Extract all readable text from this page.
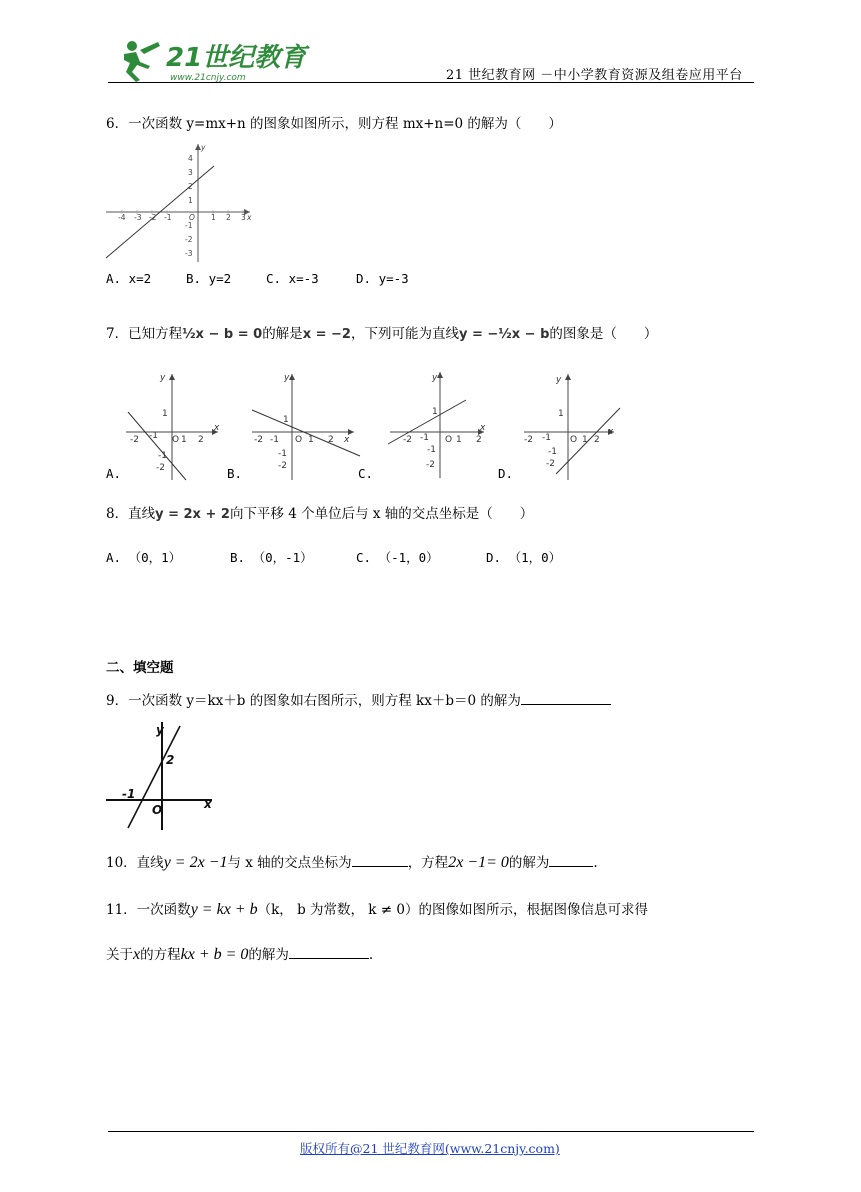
21世纪教育
www.21cnjy.com	21 世纪教育网 －中小学教育资源及组卷应用平台
6．一次函数 y=mx+n 的图象如图所示，则方程 mx+n=0 的解为（　　）
-4 -3 -2 -1	1 2 3
4
3
2
1
-1
-2
-3
y
x
O
A. x=2	B. y=2	C. x=-3	D. y=-3
7．已知方程½x − b = 0的解是x = −2，下列可能为直线y = −½x − b的图象是（　　）
y
x
1
-2 -1 O 1 2
-1
-2
y
x
1
-2 -1 O 1 2
-1
-2
y
x
1
-2 -1 O 1 2
-1
-2
y
x
1
-2 -1 O 1 2
-1
-2
A.	B.	C.	D.
8．直线y = 2x + 2向下平移 4 个单位后与 x 轴的交点坐标是（　　）
A. （0，1）	B. （0，-1）	C. （-1，0）	D. （1，0）
二、填空题
9．一次函数 y＝kx＋b 的图象如右图所示，则方程 kx＋b＝0 的解为
y
x
2
-1
O
10．直线y = 2x −1与 x 轴的交点坐标为	，方程2x −1= 0的解为	.
11．一次函数y = kx + b（k， b 为常数， k ≠ 0）的图像如图所示，根据图像信息可求得
关于x的方程kx + b = 0的解为	.
版权所有@21 世纪教育网(www.21cnjy.com)
